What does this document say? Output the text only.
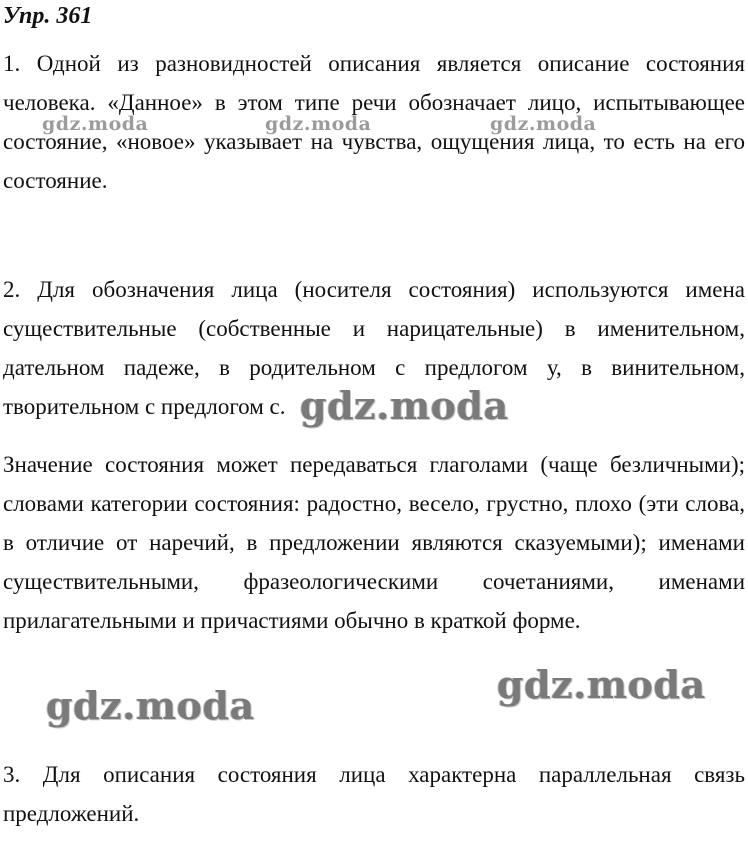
Упр. 361

1. Одной из разновидностей описания является описание состояния человека. «Данное» в этом типе речи обозначает лицо, испытывающее состояние, «новое» указывает на чувства, ощущения лица, то есть на его состояние.

2. Для обозначения лица (носителя состояния) используются имена существительные (собственные и нарицательные) в именительном, дательном падеже, в родительном с предлогом у, в винительном, творительном с предлогом с.

Значение состояния может передаваться глаголами (чаще безличными); словами категории состояния: радостно, весело, грустно, плохо (эти слова, в отличие от наречий, в предложении являются сказуемыми); именами существительными, фразеологическими сочетаниями, именами прилагательными и причастиями обычно в краткой форме.

3. Для описания состояния лица характерна параллельная связь предложений.

gdz.moda	gdz.moda	gdz.moda
gdz.moda
gdz.moda
gdz.moda
